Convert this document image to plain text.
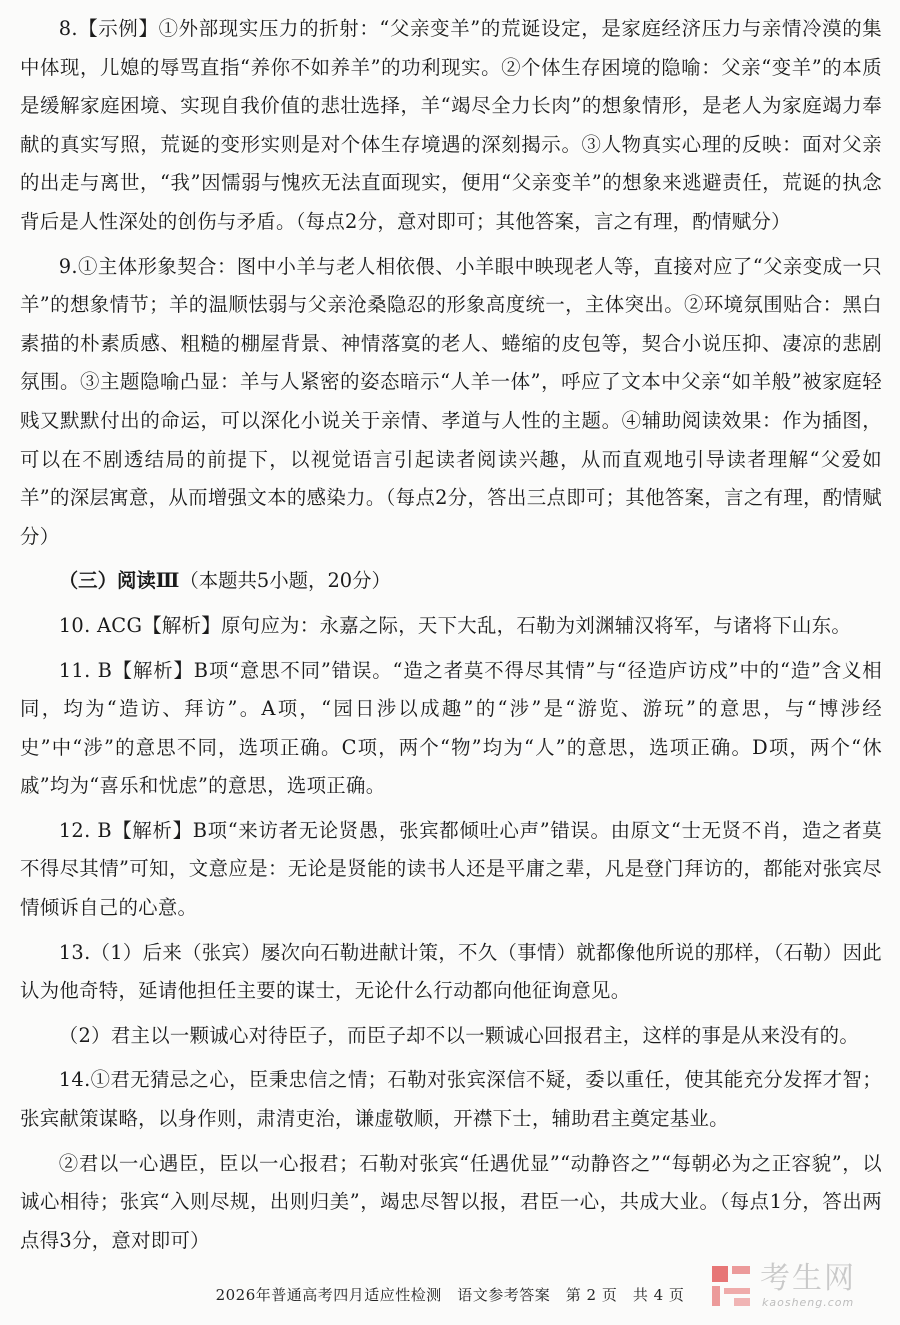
8.【示例】①外部现实压力的折射：“父亲变羊”的荒诞设定，是家庭经济压力与亲情冷漠的集中体现，儿媳的辱骂直指“养你不如养羊”的功利现实。②个体生存困境的隐喻：父亲“变羊”的本质是缓解家庭困境、实现自我价值的悲壮选择，羊“竭尽全力长肉”的想象情形，是老人为家庭竭力奉献的真实写照，荒诞的变形实则是对个体生存境遇的深刻揭示。③人物真实心理的反映：面对父亲的出走与离世，“我”因懦弱与愧疚无法直面现实，便用“父亲变羊”的想象来逃避责任，荒诞的执念背后是人性深处的创伤与矛盾。（每点2分，意对即可；其他答案，言之有理，酌情赋分）

9.①主体形象契合：图中小羊与老人相依偎、小羊眼中映现老人等，直接对应了“父亲变成一只羊”的想象情节；羊的温顺怯弱与父亲沧桑隐忍的形象高度统一，主体突出。②环境氛围贴合：黑白素描的朴素质感、粗糙的棚屋背景、神情落寞的老人、蜷缩的皮包等，契合小说压抑、凄凉的悲剧氛围。③主题隐喻凸显：羊与人紧密的姿态暗示“人羊一体”，呼应了文本中父亲“如羊般”被家庭轻贱又默默付出的命运，可以深化小说关于亲情、孝道与人性的主题。④辅助阅读效果：作为插图，可以在不剧透结局的前提下，以视觉语言引起读者阅读兴趣，从而直观地引导读者理解“父爱如羊”的深层寓意，从而增强文本的感染力。（每点2分，答出三点即可；其他答案，言之有理，酌情赋分）

（三）阅读Ⅲ（本题共5小题，20分）

10. ACG【解析】原句应为：永嘉之际，天下大乱，石勒为刘渊辅汉将军，与诸将下山东。

11. B【解析】B项“意思不同”错误。“造之者莫不得尽其情”与“径造庐访戍”中的“造”含义相同，均为“造访、拜访”。A项，“园日涉以成趣”的“涉”是“游览、游玩”的意思，与“博涉经史”中“涉”的意思不同，选项正确。C项，两个“物”均为“人”的意思，选项正确。D项，两个“休戚”均为“喜乐和忧虑”的意思，选项正确。

12. B【解析】B项“来访者无论贤愚，张宾都倾吐心声”错误。由原文“士无贤不肖，造之者莫不得尽其情”可知，文意应是：无论是贤能的读书人还是平庸之辈，凡是登门拜访的，都能对张宾尽情倾诉自己的心意。

13.（1）后来（张宾）屡次向石勒进献计策，不久（事情）就都像他所说的那样，（石勒）因此认为他奇特，延请他担任主要的谋士，无论什么行动都向他征询意见。

（2）君主以一颗诚心对待臣子，而臣子却不以一颗诚心回报君主，这样的事是从来没有的。

14.①君无猜忌之心，臣秉忠信之情；石勒对张宾深信不疑，委以重任，使其能充分发挥才智；张宾献策谋略，以身作则，肃清吏治，谦虚敬顺，开襟下士，辅助君主奠定基业。

②君以一心遇臣，臣以一心报君；石勒对张宾“任遇优显”“动静咨之”“每朝必为之正容貌”，以诚心相待；张宾“入则尽规，出则归美”，竭忠尽智以报，君臣一心，共成大业。（每点1分，答出两点得3分，意对即可）

2026年普通高考四月适应性检测　语文参考答案　第 2 页　共 4 页	考生网
kaosheng.com
